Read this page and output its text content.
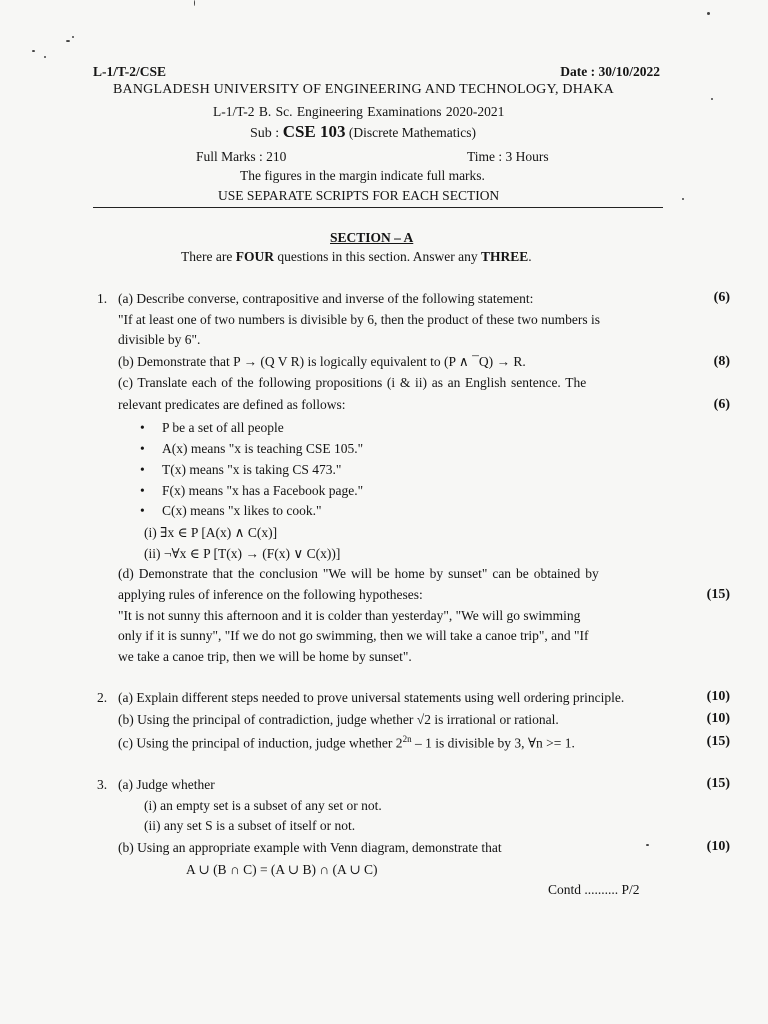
L-1/T-2/CSE	Date : 30/10/2022
BANGLADESH UNIVERSITY OF ENGINEERING AND TECHNOLOGY, DHAKA
L-1/T-2 B. Sc. Engineering Examinations 2020-2021
Sub : CSE 103 (Discrete Mathematics)
Full Marks : 210	Time : 3 Hours
The figures in the margin indicate full marks.
USE SEPARATE SCRIPTS FOR EACH SECTION
SECTION – A
There are FOUR questions in this section. Answer any THREE.
1. (a) Describe converse, contrapositive and inverse of the following statement:	(6)
"If at least one of two numbers is divisible by 6, then the product of these two numbers is
divisible by 6".
(b) Demonstrate that P → (Q V R) is logically equivalent to (P ∧ ¯Q) → R.	(8)
(c) Translate each of the following propositions (i & ii) as an English sentence. The
relevant predicates are defined as follows:	(6)
• P be a set of all people
• A(x) means "x is teaching CSE 105."
• T(x) means "x is taking CS 473."
• F(x) means "x has a Facebook page."
• C(x) means "x likes to cook."
(i) ∃x ∈ P [A(x) ∧ C(x)]
(ii) ¬∀x ∈ P [T(x) → (F(x) ∨ C(x))]
(d) Demonstrate that the conclusion "We will be home by sunset" can be obtained by
applying rules of inference on the following hypotheses:	(15)
"It is not sunny this afternoon and it is colder than yesterday", "We will go swimming
only if it is sunny", "If we do not go swimming, then we will take a canoe trip", and "If
we take a canoe trip, then we will be home by sunset".
2. (a) Explain different steps needed to prove universal statements using well ordering principle.	(10)
(b) Using the principal of contradiction, judge whether √2 is irrational or rational.	(10)
(c) Using the principal of induction, judge whether $2^{2n} - 1$ is divisible by 3, ∀n >= 1.	(15)
3. (a) Judge whether	(15)
(i) an empty set is a subset of any set or not.
(ii) any set S is a subset of itself or not.
(b) Using an appropriate example with Venn diagram, demonstrate that	(10)
A ∪ (B ∩ C) = (A ∪ B) ∩ (A ∪ C)
Contd .......... P/2
